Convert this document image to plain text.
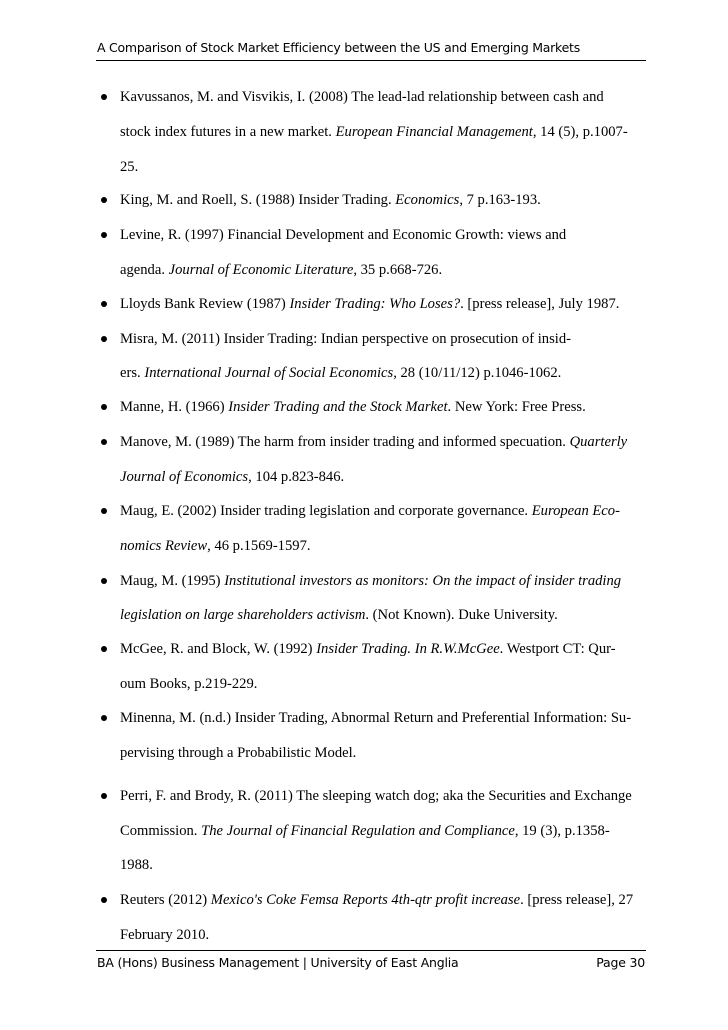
A Comparison of Stock Market Efficiency between the US and Emerging Markets
Kavussanos, M. and Visvikis, I. (2008) The lead-lad relationship between cash and
stock index futures in a new market. European Financial Management, 14 (5), p.1007-
25.
King, M. and Roell, S. (1988) Insider Trading. Economics, 7 p.163-193.
Levine, R. (1997) Financial Development and Economic Growth: views and
agenda. Journal of Economic Literature, 35 p.668-726.
Lloyds Bank Review (1987) Insider Trading: Who Loses?. [press release], July 1987.
Misra, M. (2011) Insider Trading: Indian perspective on prosecution of insid-
ers. International Journal of Social Economics, 28 (10/11/12) p.1046-1062.
Manne, H. (1966) Insider Trading and the Stock Market. New York: Free Press.
Manove, M. (1989) The harm from insider trading and informed specuation. Quarterly
Journal of Economics, 104 p.823-846.
Maug, E. (2002) Insider trading legislation and corporate governance. European Eco-
nomics Review, 46 p.1569-1597.
Maug, M. (1995) Institutional investors as monitors: On the impact of insider trading
legislation on large shareholders activism. (Not Known). Duke University.
McGee, R. and Block, W. (1992) Insider Trading. In R.W.McGee. Westport CT: Qur-
oum Books, p.219-229.
Minenna, M. (n.d.) Insider Trading, Abnormal Return and Preferential Information: Su-
pervising through a Probabilistic Model.
Perri, F. and Brody, R. (2011) The sleeping watch dog; aka the Securities and Exchange
Commission. The Journal of Financial Regulation and Compliance, 19 (3), p.1358-
1988.
Reuters (2012) Mexico's Coke Femsa Reports 4th-qtr profit increase. [press release], 27
February 2010.
BA (Hons) Business Management | University of East Anglia	Page 30
